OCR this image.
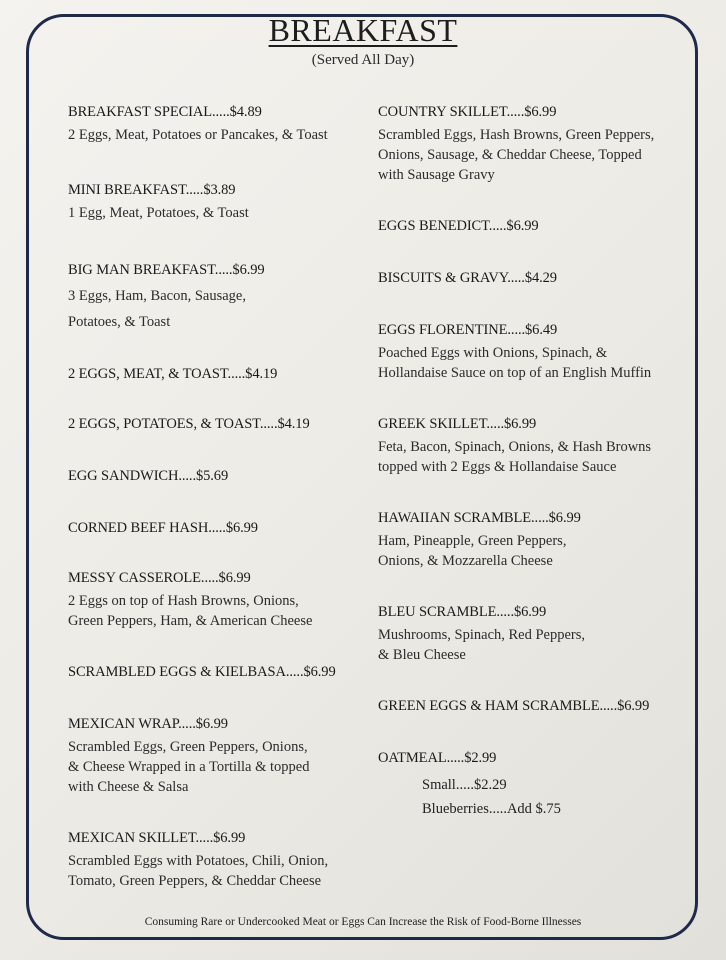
BREAKFAST
(Served All Day)
BREAKFAST SPECIAL.....$4.89
2 Eggs, Meat, Potatoes or Pancakes, & Toast
MINI BREAKFAST.....$3.89
1 Egg, Meat, Potatoes, & Toast
BIG MAN BREAKFAST.....$6.99
3 Eggs, Ham, Bacon, Sausage,
Potatoes, & Toast
2 EGGS, MEAT, & TOAST.....$4.19
2 EGGS, POTATOES, & TOAST.....$4.19
EGG SANDWICH.....$5.69
CORNED BEEF HASH.....$6.99
MESSY CASSEROLE.....$6.99
2 Eggs on top of Hash Browns, Onions,
Green Peppers, Ham, & American Cheese
SCRAMBLED EGGS & KIELBASA.....$6.99
MEXICAN WRAP.....$6.99
Scrambled Eggs, Green Peppers, Onions,
& Cheese Wrapped in a Tortilla & topped
with Cheese & Salsa
MEXICAN SKILLET.....$6.99
Scrambled Eggs with Potatoes, Chili, Onion,
Tomato, Green Peppers, & Cheddar Cheese
COUNTRY SKILLET.....$6.99
Scrambled Eggs, Hash Browns, Green Peppers,
Onions, Sausage, & Cheddar Cheese, Topped
with Sausage Gravy
EGGS BENEDICT.....$6.99
BISCUITS & GRAVY.....$4.29
EGGS FLORENTINE.....$6.49
Poached Eggs with Onions, Spinach, &
Hollandaise Sauce on top of an English Muffin
GREEK SKILLET.....$6.99
Feta, Bacon, Spinach, Onions, & Hash Browns
topped with 2 Eggs & Hollandaise Sauce
HAWAIIAN SCRAMBLE.....$6.99
Ham, Pineapple, Green Peppers,
Onions, & Mozzarella Cheese
BLEU SCRAMBLE.....$6.99
Mushrooms, Spinach, Red Peppers,
& Bleu Cheese
GREEN EGGS & HAM SCRAMBLE.....$6.99
OATMEAL.....$2.99
Small.....$2.29
Blueberries.....Add $.75
Consuming Rare or Undercooked Meat or Eggs Can Increase the Risk of Food-Borne Illnesses
